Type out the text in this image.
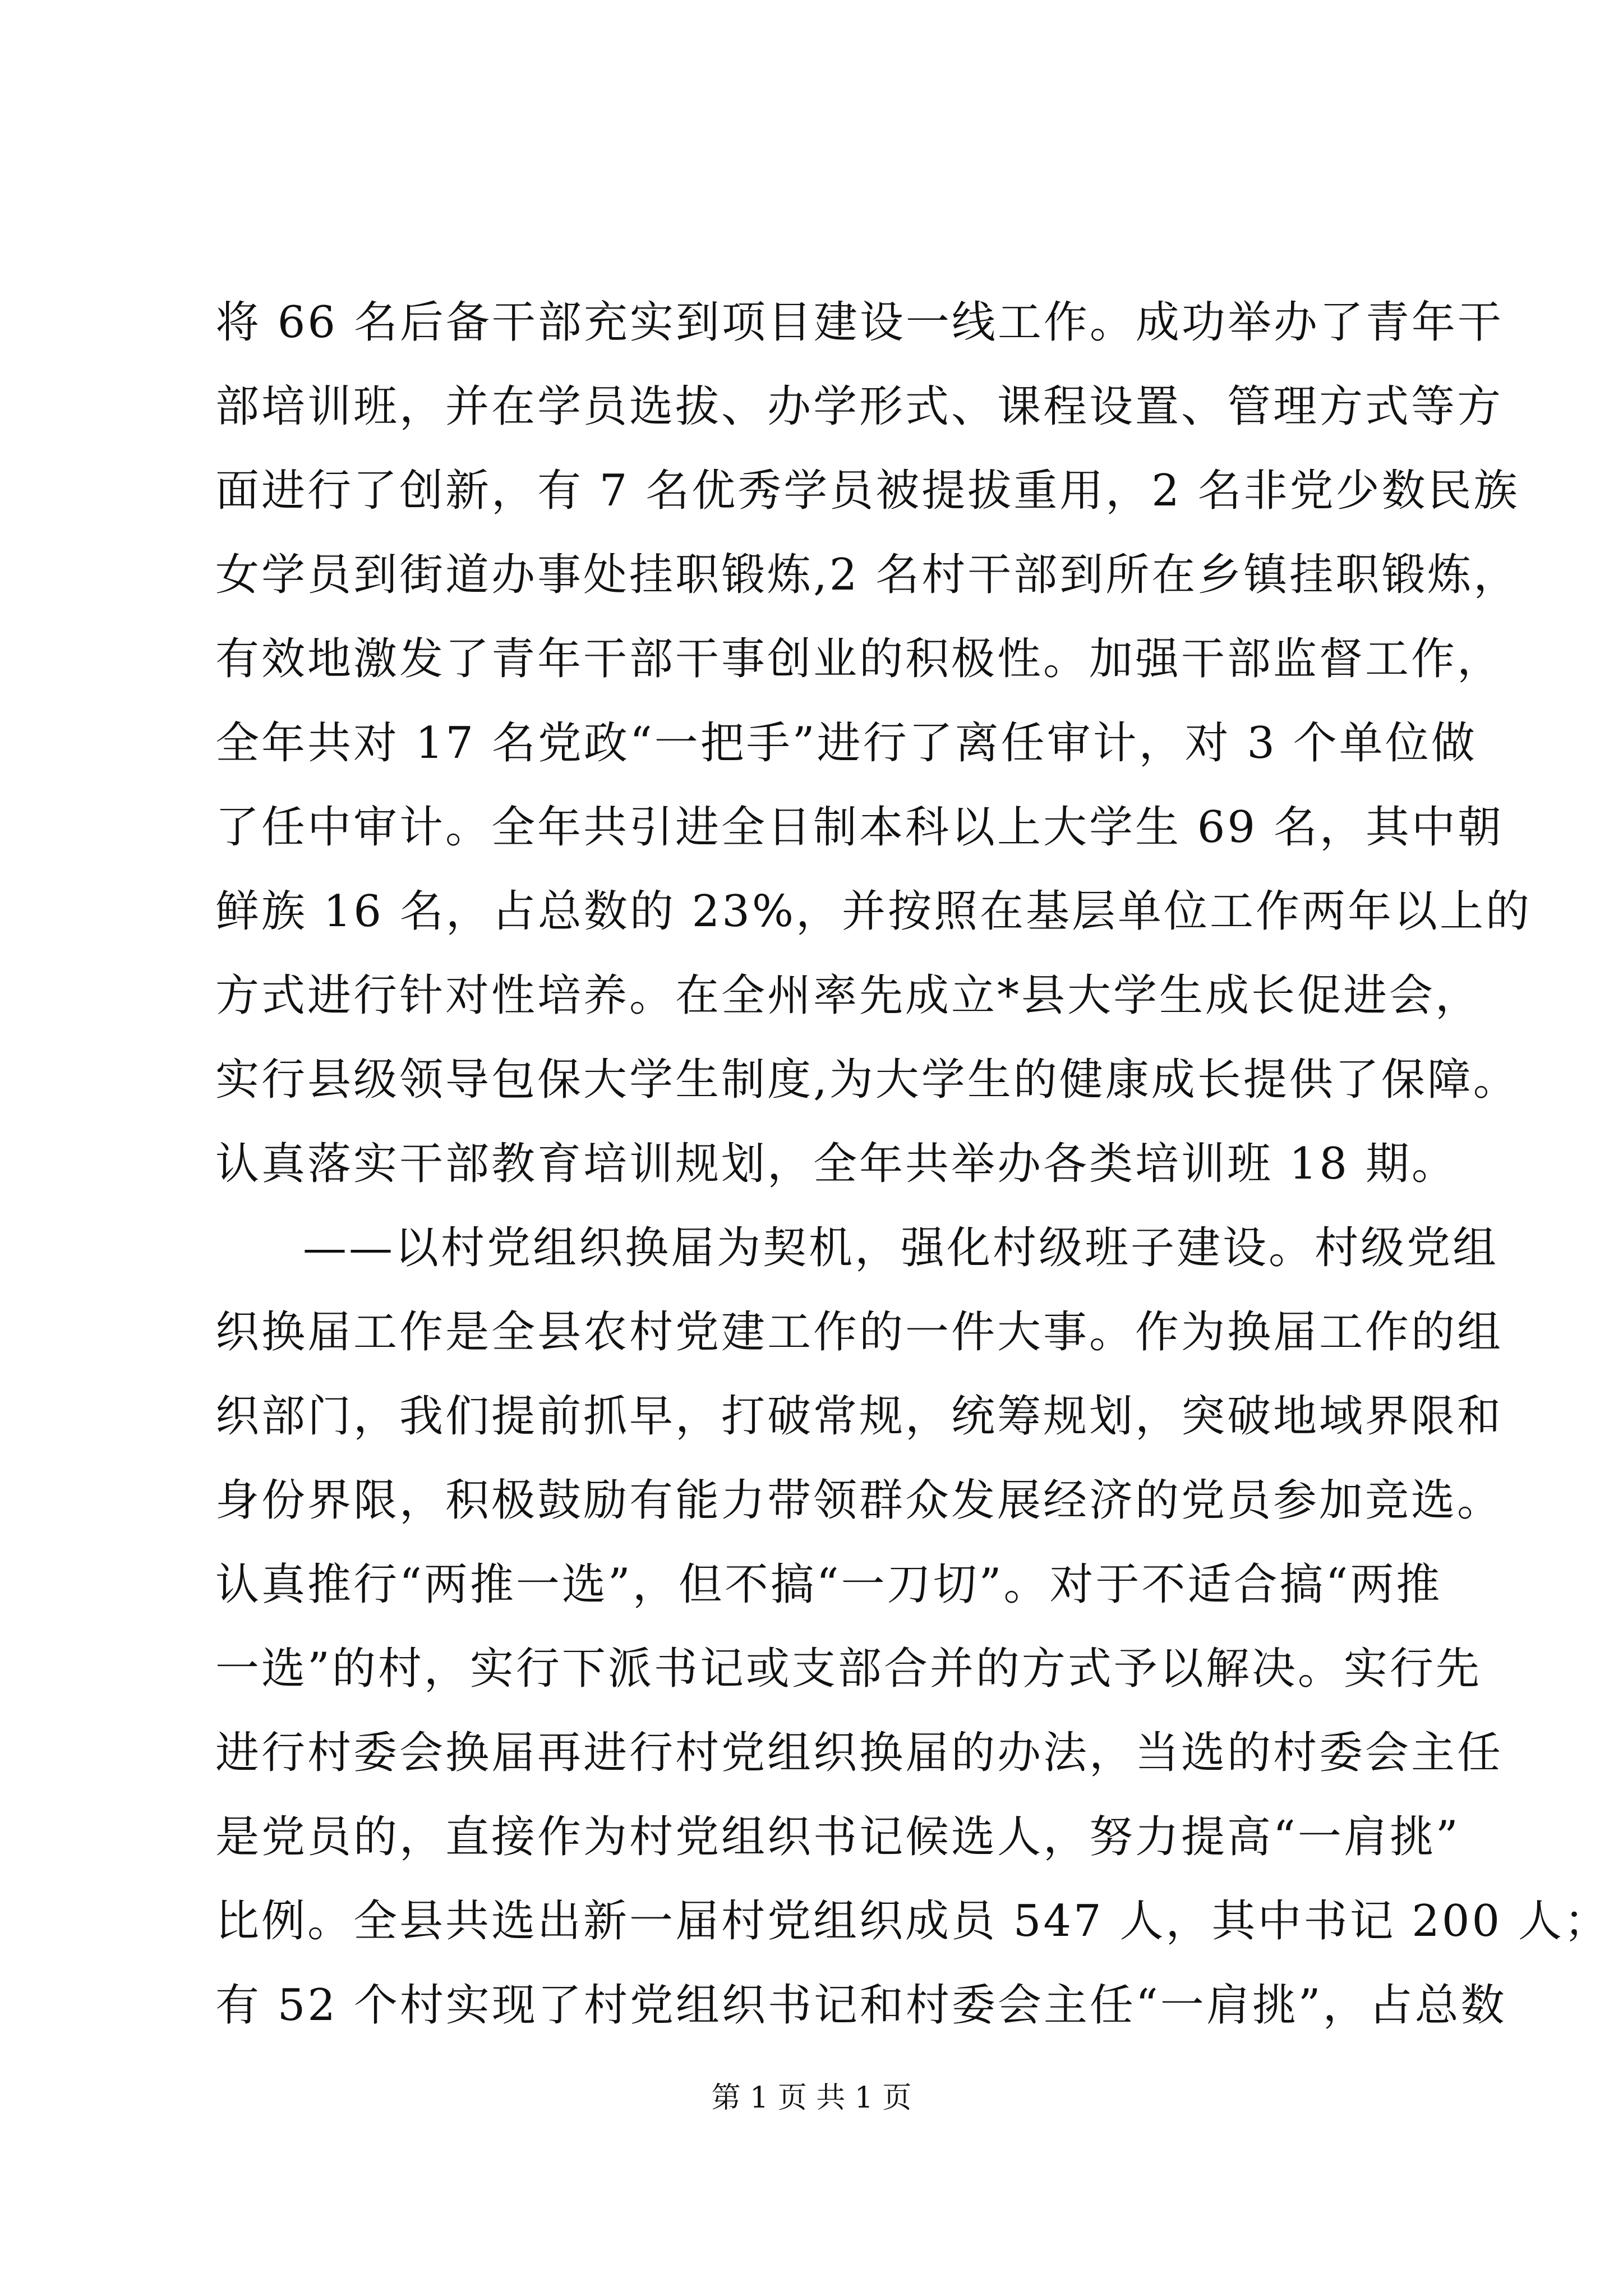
将 66 名后备干部充实到项目建设一线工作。成功举办了青年干
部培训班，并在学员选拔、办学形式、课程设置、管理方式等方
面进行了创新，有 7 名优秀学员被提拔重用，2 名非党少数民族
女学员到街道办事处挂职锻炼,2 名村干部到所在乡镇挂职锻炼，
有效地激发了青年干部干事创业的积极性。加强干部监督工作，
全年共对 17 名党政“一把手”进行了离任审计，对 3 个单位做
了任中审计。全年共引进全日制本科以上大学生 69 名，其中朝
鲜族 16 名，占总数的 23%，并按照在基层单位工作两年以上的
方式进行针对性培养。在全州率先成立*县大学生成长促进会，
实行县级领导包保大学生制度,为大学生的健康成长提供了保障。
认真落实干部教育培训规划，全年共举办各类培训班 18 期。
——以村党组织换届为契机，强化村级班子建设。村级党组
织换届工作是全县农村党建工作的一件大事。作为换届工作的组
织部门，我们提前抓早，打破常规，统筹规划，突破地域界限和
身份界限，积极鼓励有能力带领群众发展经济的党员参加竞选。
认真推行“两推一选”，但不搞“一刀切”。对于不适合搞“两推
一选”的村，实行下派书记或支部合并的方式予以解决。实行先
进行村委会换届再进行村党组织换届的办法，当选的村委会主任
是党员的，直接作为村党组织书记候选人，努力提高“一肩挑”
比例。全县共选出新一届村党组织成员 547 人，其中书记 200 人；
有 52 个村实现了村党组织书记和村委会主任“一肩挑”，占总数
第 1 页 共 1 页
